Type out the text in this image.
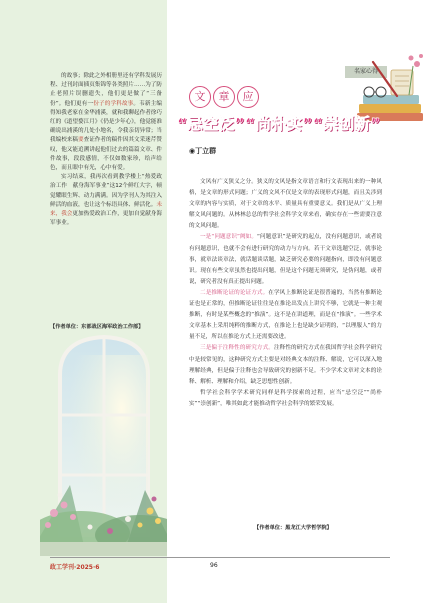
的故事；除此之外相册里还有学科发展历程、过刊封面插页集锦等各类照片……为了防止老照片误删遗失，他们更是做了“三备份”。他们更有一份子的学科故事。韦新主编得知我老家在金华浦溪，就和我聊起作者徐巧红的《道望婺江月》《仍是少年心》，他觉能准确说出浦溪的几处小地名，令我亲切异常；当我编校来稿要查证作者的稿件因其文采迷芹赞叹，他又能追溯讲起他们过去的篇篇文章、件件故事，段段感情，不仅如数家珍，给声给色，而且眼中有光，心中有爱。

实习结束，我再次看到教学楼上“热爱政治工作　献身海军事业”这12个鲜红大字，顿觉耀眼生辉、动力满满。因为学刊人为其注入鲜活的血液，也让这个标语具体、鲜活化。未来，我会更加热爱政治工作，更加自觉献身海军事业。

【作者单位：东部战区海军政治工作部】
名家心得
文	章	应
“忌空泛”“尚朴实”“崇创新”
◉丁立群

文风有广义狭义之分。狭义的文风是指文章语言和行文表现出来的一种风格，是文章的形式问题；广义的文风不仅是文章的表现形式问题，而且关涉到文章的内容与实质，对于文章的水平、质量具有重要意义。我们是从广义上理解文风问题的。从林林总总的哲学社会科学文章来看，确实存在一些需要注意的文风问题。

一是“问题意识”阙如。“问题意识”是研究的起点，没有问题意识，或者说有问题意识，也就不会有进行研究的动力与方向。若干文章选题空泛，就事论事，就章法谈章法，就话题谈话题，缺乏研究必要的问题指向，即没有问题意识。现在有些文章虽然也提出问题，但是这个问题无须研究，是伪问题，或者说，研究者没有真正提出问题。

二是推断论证的论证方式。在学风上推断论证是很普遍的，当然有推断论证也是正常的，但推断论证往往是在推论出发点上讲究不够，它就是一种主观推断，有时是某些概念的“推演”。这不是在讲道理，而是在“推演”。一些学术文章基本上采用纯粹的推断方式，在推论上也是缺少证明的，“以理服人”的力量不足，所以在推论方式上还需要改进。

三是偏于注释性的研究方式。注释性的研究方式在我国哲学社会科学研究中是较常见的，这种研究方式主要是对经典文本的注释、解说，它可以深入地理解经典，但是偏于注释也会导致研究的创新不足。不少学术文章对文本的诠释、解析、理解和介绍，缺乏思想性创新。

哲学社会科学学术研究同样是科学探索的过程，应当“忌空泛”“尚朴实”“崇创新”，唯其如此才能推动哲学社会科学的繁荣发展。

【作者单位：黑龙江大学哲学院】
政工学刊·2025·6	96
